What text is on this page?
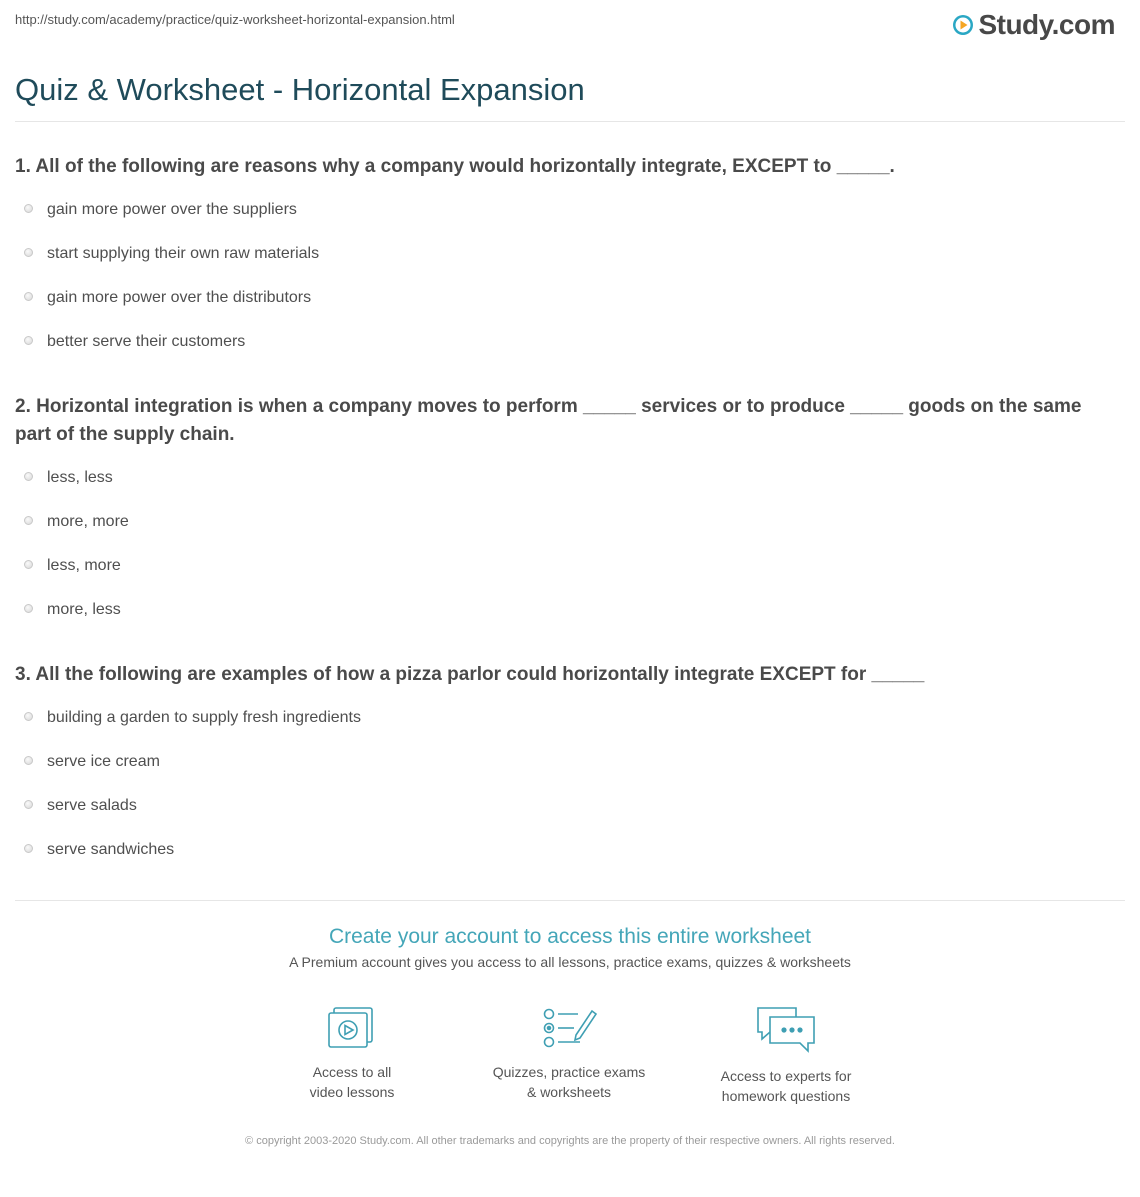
http://study.com/academy/practice/quiz-worksheet-horizontal-expansion.html	Study.com
Quiz & Worksheet - Horizontal Expansion

1. All of the following are reasons why a company would horizontally integrate, EXCEPT to _____.

gain more power over the suppliers
start supplying their own raw materials
gain more power over the distributors
better serve their customers

2. Horizontal integration is when a company moves to perform _____ services or to produce _____ goods on the same part of the supply chain.

less, less
more, more
less, more
more, less

3. All the following are examples of how a pizza parlor could horizontally integrate EXCEPT for _____

building a garden to supply fresh ingredients
serve ice cream
serve salads
serve sandwiches
Create your account to access this entire worksheet
A Premium account gives you access to all lessons, practice exams, quizzes & worksheets
Access to all
video lessons
Quizzes, practice exams
& worksheets
Access to experts for
homework questions
© copyright 2003-2020 Study.com. All other trademarks and copyrights are the property of their respective owners. All rights reserved.
